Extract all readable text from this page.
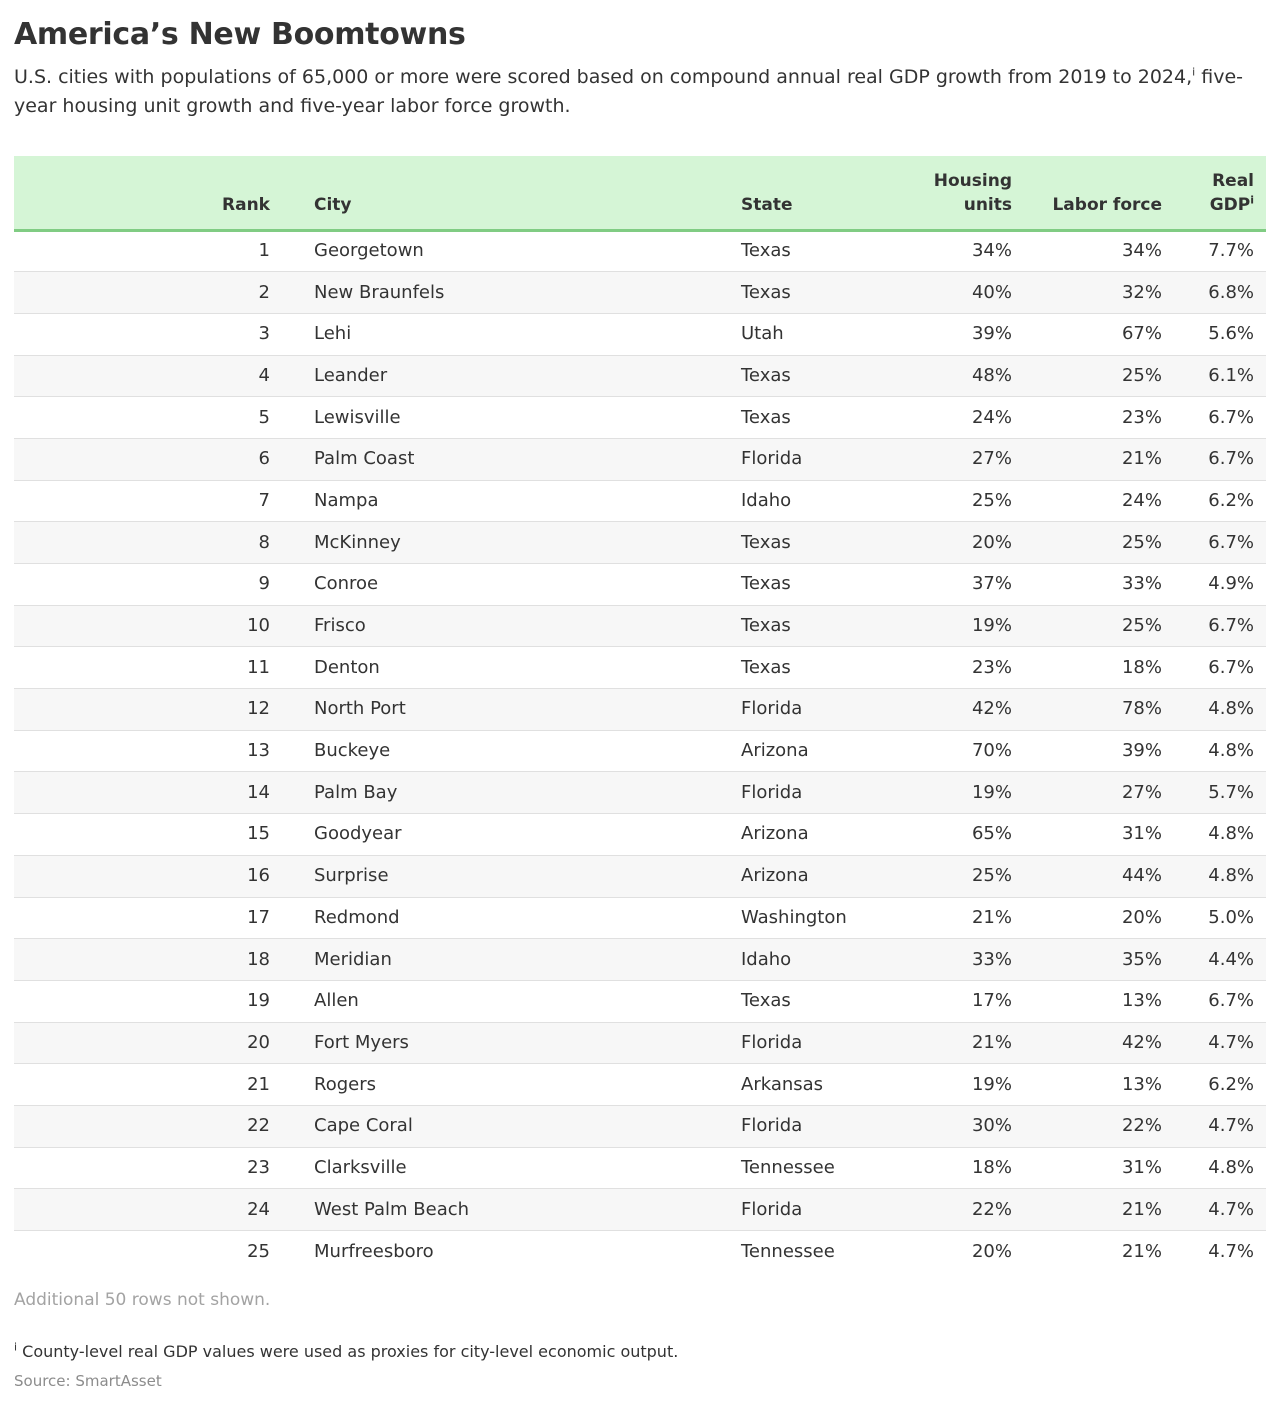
America’s New Boomtowns

U.S. cities with populations of 65,000 or more were scored based on compound annual real GDP growth from 2019 to 2024,$^i$ five-year housing unit growth and five-year labor force growth.

Rank	City	State	Housing units	Labor force	Real GDP$^i$
1	Georgetown	Texas	34%	34%	7.7%
2	New Braunfels	Texas	40%	32%	6.8%
3	Lehi	Utah	39%	67%	5.6%
4	Leander	Texas	48%	25%	6.1%
5	Lewisville	Texas	24%	23%	6.7%
6	Palm Coast	Florida	27%	21%	6.7%
7	Nampa	Idaho	25%	24%	6.2%
8	McKinney	Texas	20%	25%	6.7%
9	Conroe	Texas	37%	33%	4.9%
10	Frisco	Texas	19%	25%	6.7%
11	Denton	Texas	23%	18%	6.7%
12	North Port	Florida	42%	78%	4.8%
13	Buckeye	Arizona	70%	39%	4.8%
14	Palm Bay	Florida	19%	27%	5.7%
15	Goodyear	Arizona	65%	31%	4.8%
16	Surprise	Arizona	25%	44%	4.8%
17	Redmond	Washington	21%	20%	5.0%
18	Meridian	Idaho	33%	35%	4.4%
19	Allen	Texas	17%	13%	6.7%
20	Fort Myers	Florida	21%	42%	4.7%
21	Rogers	Arkansas	19%	13%	6.2%
22	Cape Coral	Florida	30%	22%	4.7%
23	Clarksville	Tennessee	18%	31%	4.8%
24	West Palm Beach	Florida	22%	21%	4.7%
25	Murfreesboro	Tennessee	20%	21%	4.7%

Additional 50 rows not shown.

$^i$ County-level real GDP values were used as proxies for city-level economic output.

Source: SmartAsset
